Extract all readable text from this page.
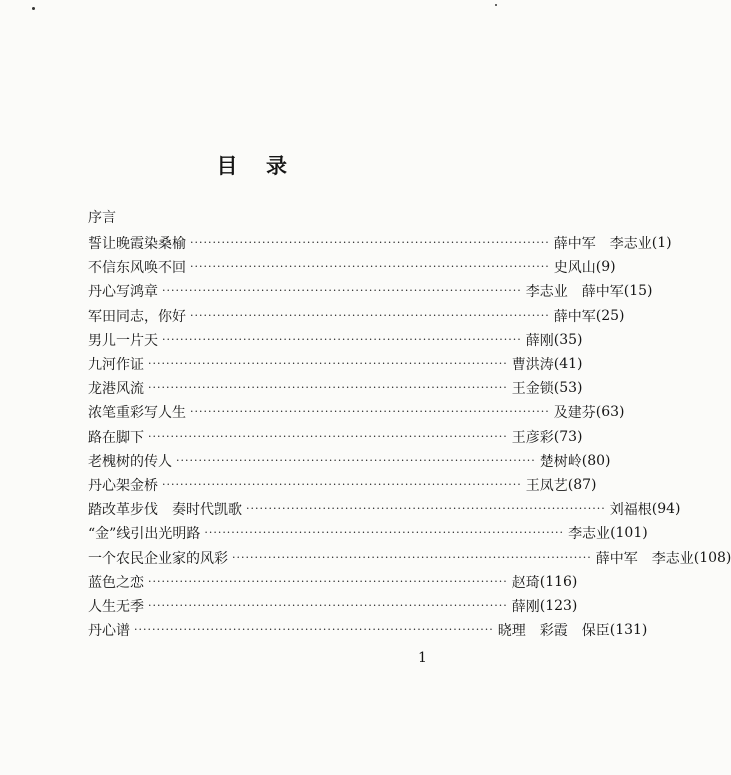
目 录
序言
誓让晚霞染桑榆 ················································································ 薛中军　李志业 (1)
不信东风唤不回 ················································································ 史风山 (9)
丹心写鸿章 ················································································ 李志业　薛中军 (15)
军田同志，你好 ················································································ 薛中军 (25)
男儿一片天 ················································································ 薛刚 (35)
九河作证 ················································································ 曹洪涛 (41)
龙港风流 ················································································ 王金锁 (53)
浓笔重彩写人生 ················································································ 及建芬 (63)
路在脚下 ················································································ 王彦彩 (73)
老槐树的传人 ················································································ 楚树岭 (80)
丹心架金桥 ················································································ 王凤艺 (87)
踏改革步伐　奏时代凯歌 ················································································ 刘福根 (94)
“金”线引出光明路 ················································································ 李志业 (101)
一个农民企业家的风彩 ················································································ 薛中军　李志业 (108)
蓝色之恋 ················································································ 赵琦 (116)
人生无季 ················································································ 薛刚 (123)
丹心谱 ················································································ 晓理　彩霞　保臣 (131)
1
